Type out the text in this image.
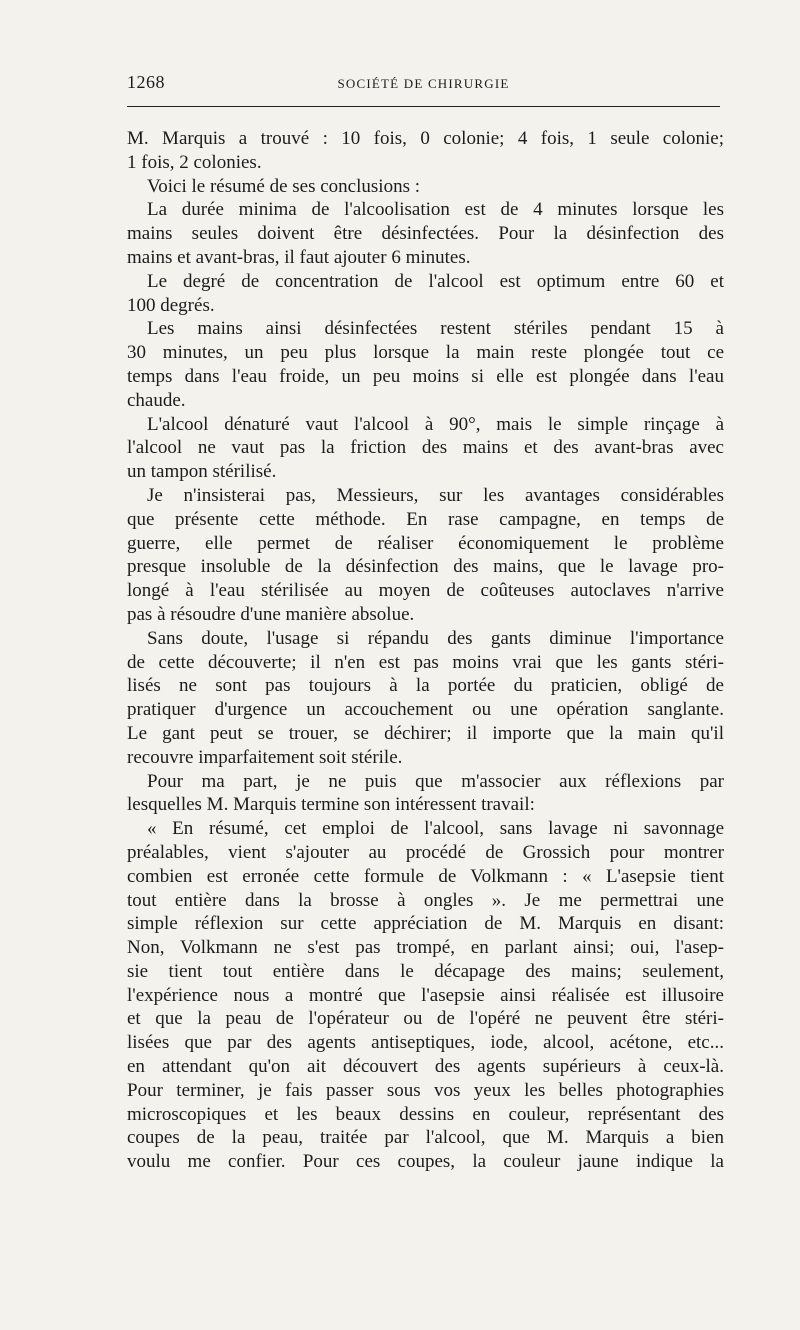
1268	SOCIÉTÉ DE CHIRURGIE
M. Marquis a trouvé : 10 fois, 0 colonie; 4 fois, 1 seule colonie;
1 fois, 2 colonies.
Voici le résumé de ses conclusions :
La durée minima de l'alcoolisation est de 4 minutes lorsque les
mains seules doivent être désinfectées. Pour la désinfection des
mains et avant-bras, il faut ajouter 6 minutes.
Le degré de concentration de l'alcool est optimum entre 60 et
100 degrés.
Les mains ainsi désinfectées restent stériles pendant 15 à
30 minutes, un peu plus lorsque la main reste plongée tout ce
temps dans l'eau froide, un peu moins si elle est plongée dans l'eau
chaude.
L'alcool dénaturé vaut l'alcool à 90°, mais le simple rinçage à
l'alcool ne vaut pas la friction des mains et des avant-bras avec
un tampon stérilisé.
Je n'insisterai pas, Messieurs, sur les avantages considérables
que présente cette méthode. En rase campagne, en temps de
guerre, elle permet de réaliser économiquement le problème
presque insoluble de la désinfection des mains, que le lavage pro-
longé à l'eau stérilisée au moyen de coûteuses autoclaves n'arrive
pas à résoudre d'une manière absolue.
Sans doute, l'usage si répandu des gants diminue l'importance
de cette découverte; il n'en est pas moins vrai que les gants stéri-
lisés ne sont pas toujours à la portée du praticien, obligé de
pratiquer d'urgence un accouchement ou une opération sanglante.
Le gant peut se trouer, se déchirer; il importe que la main qu'il
recouvre imparfaitement soit stérile.
Pour ma part, je ne puis que m'associer aux réflexions par
lesquelles M. Marquis termine son intéressent travail:
« En résumé, cet emploi de l'alcool, sans lavage ni savonnage
préalables, vient s'ajouter au procédé de Grossich pour montrer
combien est erronée cette formule de Volkmann : « L'asepsie tient
tout entière dans la brosse à ongles ». Je me permettrai une
simple réflexion sur cette appréciation de M. Marquis en disant:
Non, Volkmann ne s'est pas trompé, en parlant ainsi; oui, l'asep-
sie tient tout entière dans le décapage des mains; seulement,
l'expérience nous a montré que l'asepsie ainsi réalisée est illusoire
et que la peau de l'opérateur ou de l'opéré ne peuvent être stéri-
lisées que par des agents antiseptiques, iode, alcool, acétone, etc...
en attendant qu'on ait découvert des agents supérieurs à ceux-là.
Pour terminer, je fais passer sous vos yeux les belles photographies
microscopiques et les beaux dessins en couleur, représentant des
coupes de la peau, traitée par l'alcool, que M. Marquis a bien
voulu me confier. Pour ces coupes, la couleur jaune indique la
